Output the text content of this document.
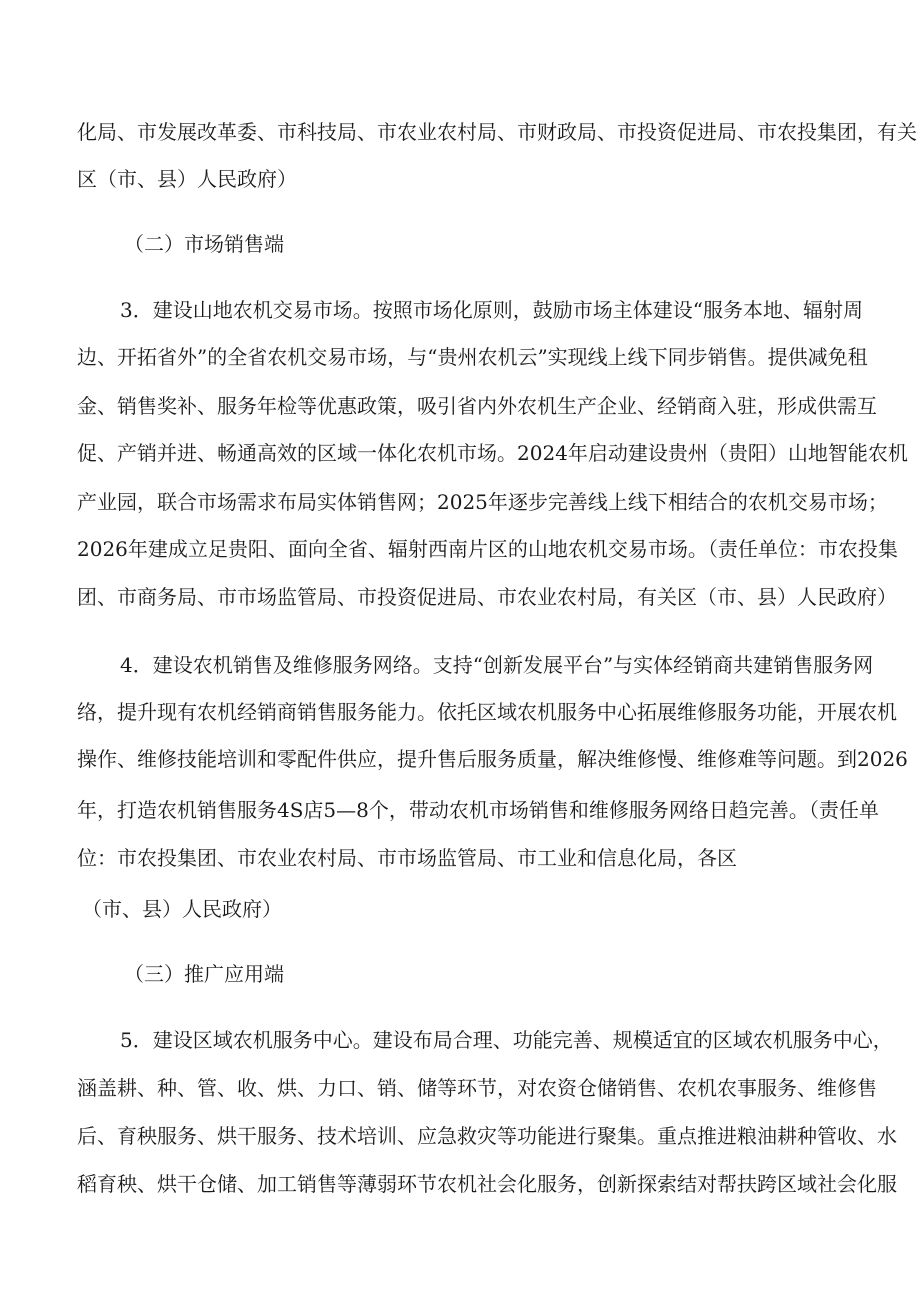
化局、市发展改革委、市科技局、市农业农村局、市财政局、市投资促进局、市农投集团，有关
区（市、县）人民政府）
（二）市场销售端
3．建设山地农机交易市场。按照市场化原则，鼓励市场主体建设“服务本地、辐射周
边、开拓省外”的全省农机交易市场，与“贵州农机云”实现线上线下同步销售。提供减免租
金、销售奖补、服务年检等优惠政策，吸引省内外农机生产企业、经销商入驻，形成供需互
促、产销并进、畅通高效的区域一体化农机市场。2024年启动建设贵州（贵阳）山地智能农机
产业园，联合市场需求布局实体销售网；2025年逐步完善线上线下相结合的农机交易市场；
2026年建成立足贵阳、面向全省、辐射西南片区的山地农机交易市场。（责任单位：市农投集
团、市商务局、市市场监管局、市投资促进局、市农业农村局，有关区（市、县）人民政府）
4．建设农机销售及维修服务网络。支持“创新发展平台”与实体经销商共建销售服务网
络，提升现有农机经销商销售服务能力。依托区域农机服务中心拓展维修服务功能，开展农机
操作、维修技能培训和零配件供应，提升售后服务质量，解决维修慢、维修难等问题。到2026
年，打造农机销售服务4S店5—8个，带动农机市场销售和维修服务网络日趋完善。（责任单
位：市农投集团、市农业农村局、市市场监管局、市工业和信息化局，各区
（市、县）人民政府）
（三）推广应用端
5．建设区域农机服务中心。建设布局合理、功能完善、规模适宜的区域农机服务中心，
涵盖耕、种、管、收、烘、力口、销、储等环节，对农资仓储销售、农机农事服务、维修售
后、育秧服务、烘干服务、技术培训、应急救灾等功能进行聚集。重点推进粮油耕种管收、水
稻育秧、烘干仓储、加工销售等薄弱环节农机社会化服务，创新探索结对帮扶跨区域社会化服
